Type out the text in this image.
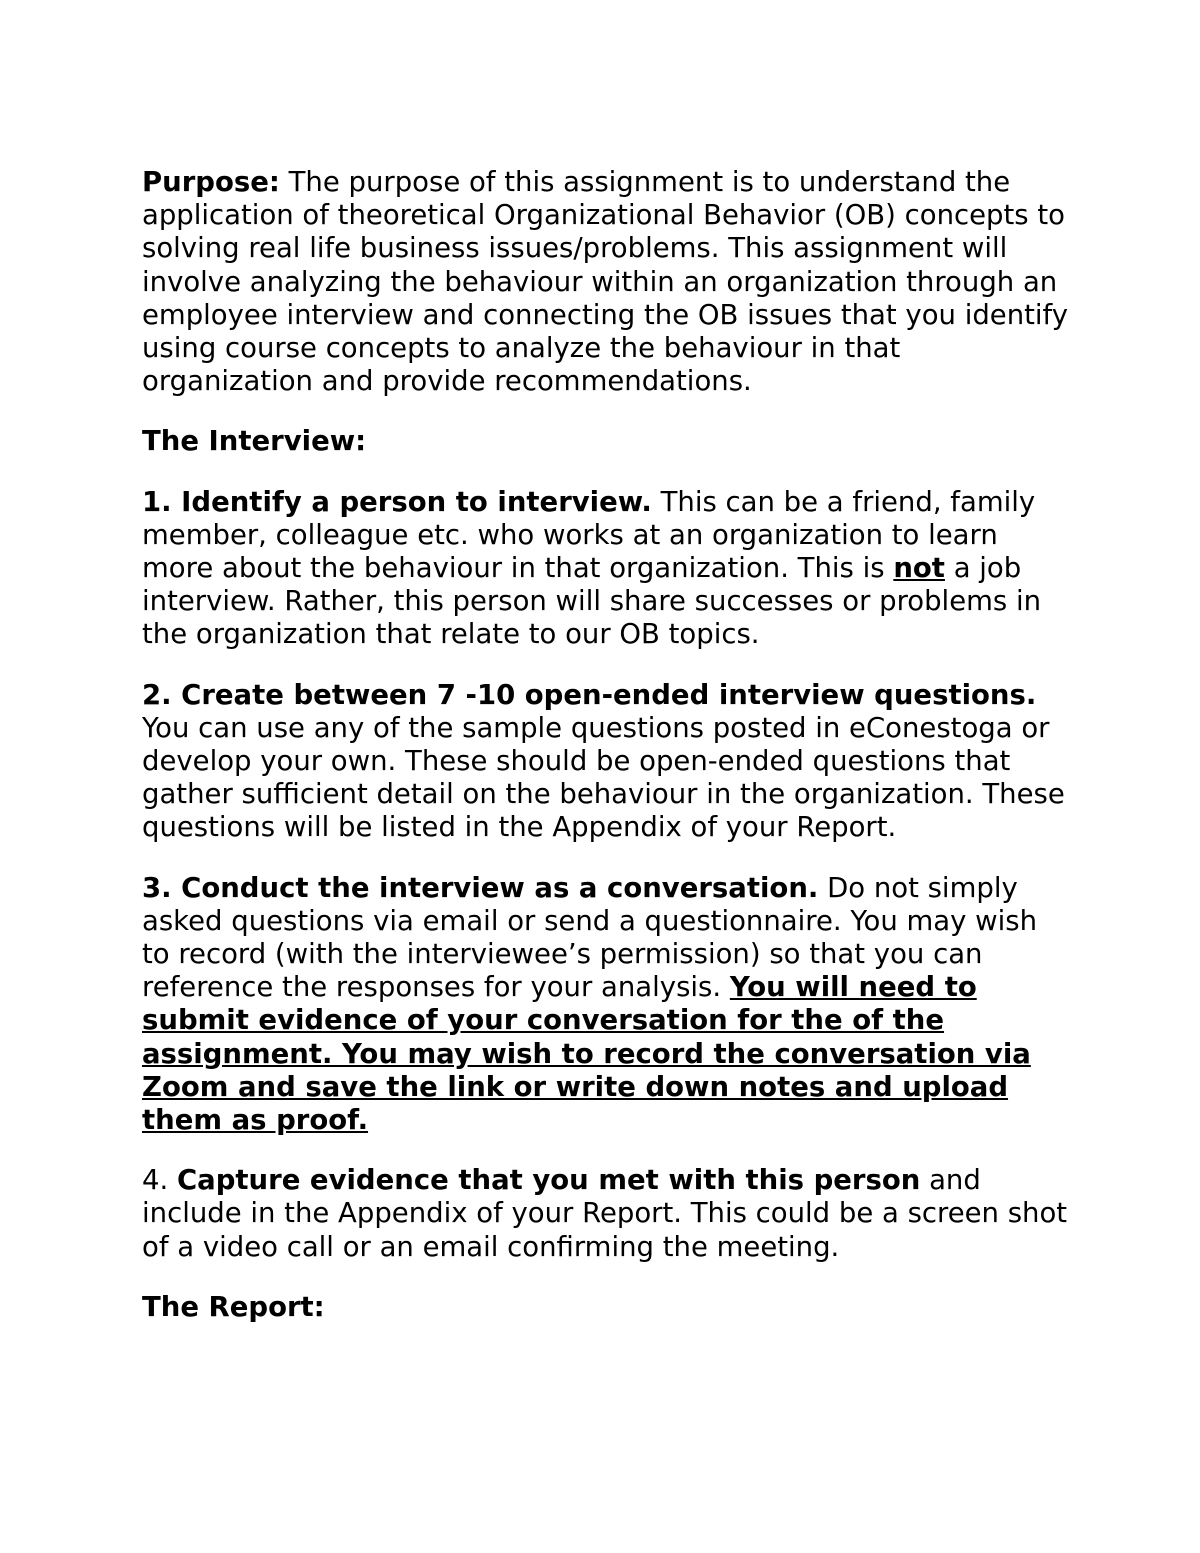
Purpose: The purpose of this assignment is to understand the application of theoretical Organizational Behavior (OB) concepts to solving real life business issues/problems. This assignment will involve analyzing the behaviour within an organization through an employee interview and connecting the OB issues that you identify using course concepts to analyze the behaviour in that organization and provide recommendations.

The Interview:

1. Identify a person to interview. This can be a friend, family member, colleague etc. who works at an organization to learn more about the behaviour in that organization. This is not a job interview. Rather, this person will share successes or problems in the organization that relate to our OB topics.

2. Create between 7 -10 open-ended interview questions. You can use any of the sample questions posted in eConestoga or develop your own. These should be open-ended questions that gather sufficient detail on the behaviour in the organization. These questions will be listed in the Appendix of your Report.

3. Conduct the interview as a conversation. Do not simply asked questions via email or send a questionnaire. You may wish to record (with the interviewee’s permission) so that you can reference the responses for your analysis. You will need to submit evidence of your conversation for the of the assignment. You may wish to record the conversation via Zoom and save the link or write down notes and upload them as proof.

4. Capture evidence that you met with this person and include in the Appendix of your Report. This could be a screen shot of a video call or an email confirming the meeting.

The Report:
